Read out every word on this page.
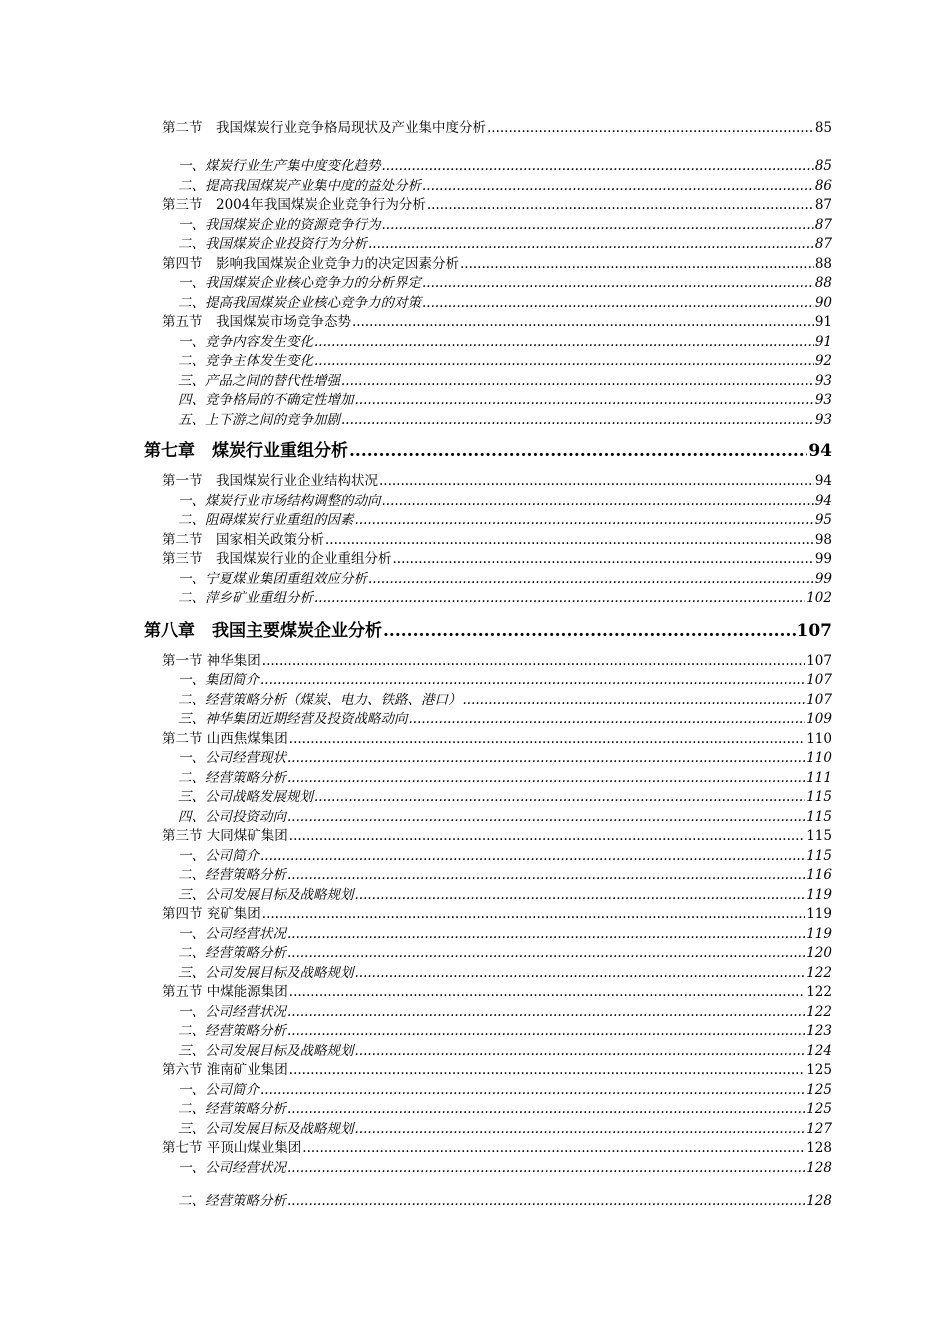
第二节　我国煤炭行业竞争格局现状及产业集中度分析 .....	85
一、煤炭行业生产集中度变化趋势 .....	85
二、提高我国煤炭产业集中度的益处分析 .....	86
第三节　2004年我国煤炭企业竞争行为分析 .....	87
一、我国煤炭企业的资源竞争行为 .....	87
二、我国煤炭企业投资行为分析 .....	87
第四节　影响我国煤炭企业竞争力的决定因素分析 .....	88
一、我国煤炭企业核心竞争力的分析界定 .....	88
二、提高我国煤炭企业核心竞争力的对策 .....	90
第五节　我国煤炭市场竞争态势 .....	91
一、竞争内容发生变化 .....	91
二、竞争主体发生变化 .....	92
三、产品之间的替代性增强 .....	93
四、竞争格局的不确定性增加 .....	93
五、上下游之间的竞争加剧 .....	93
第七章　煤炭行业重组分析 .....	94
第一节　我国煤炭行业企业结构状况 .....	94
一、煤炭行业市场结构调整的动向 .....	94
二、阻碍煤炭行业重组的因素 .....	95
第二节　国家相关政策分析 .....	98
第三节　我国煤炭行业的企业重组分析 .....	99
一、宁夏煤业集团重组效应分析 .....	99
二、萍乡矿业重组分析 .....	102
第八章　我国主要煤炭企业分析 .....	107
第一节 神华集团 .....	107
一、集团简介 .....	107
二、经营策略分析（煤炭、电力、铁路、港口） .....	107
三、神华集团近期经营及投资战略动向 .....	109
第二节 山西焦煤集团 .....	110
一、公司经营现状 .....	110
二、经营策略分析 .....	111
三、公司战略发展规划 .....	115
四、公司投资动向 .....	115
第三节 大同煤矿集团 .....	115
一、公司简介 .....	115
二、经营策略分析 .....	116
三、公司发展目标及战略规划 .....	119
第四节 兖矿集团 .....	119
一、公司经营状况 .....	119
二、经营策略分析 .....	120
三、公司发展目标及战略规划 .....	122
第五节 中煤能源集团 .....	122
一、公司经营状况 .....	122
二、经营策略分析 .....	123
三、公司发展目标及战略规划 .....	124
第六节 淮南矿业集团 .....	125
一、公司简介 .....	125
二、经营策略分析 .....	125
三、公司发展目标及战略规划 .....	127
第七节 平顶山煤业集团 .....	128
一、公司经营状况 .....	128
二、经营策略分析 .....	128
